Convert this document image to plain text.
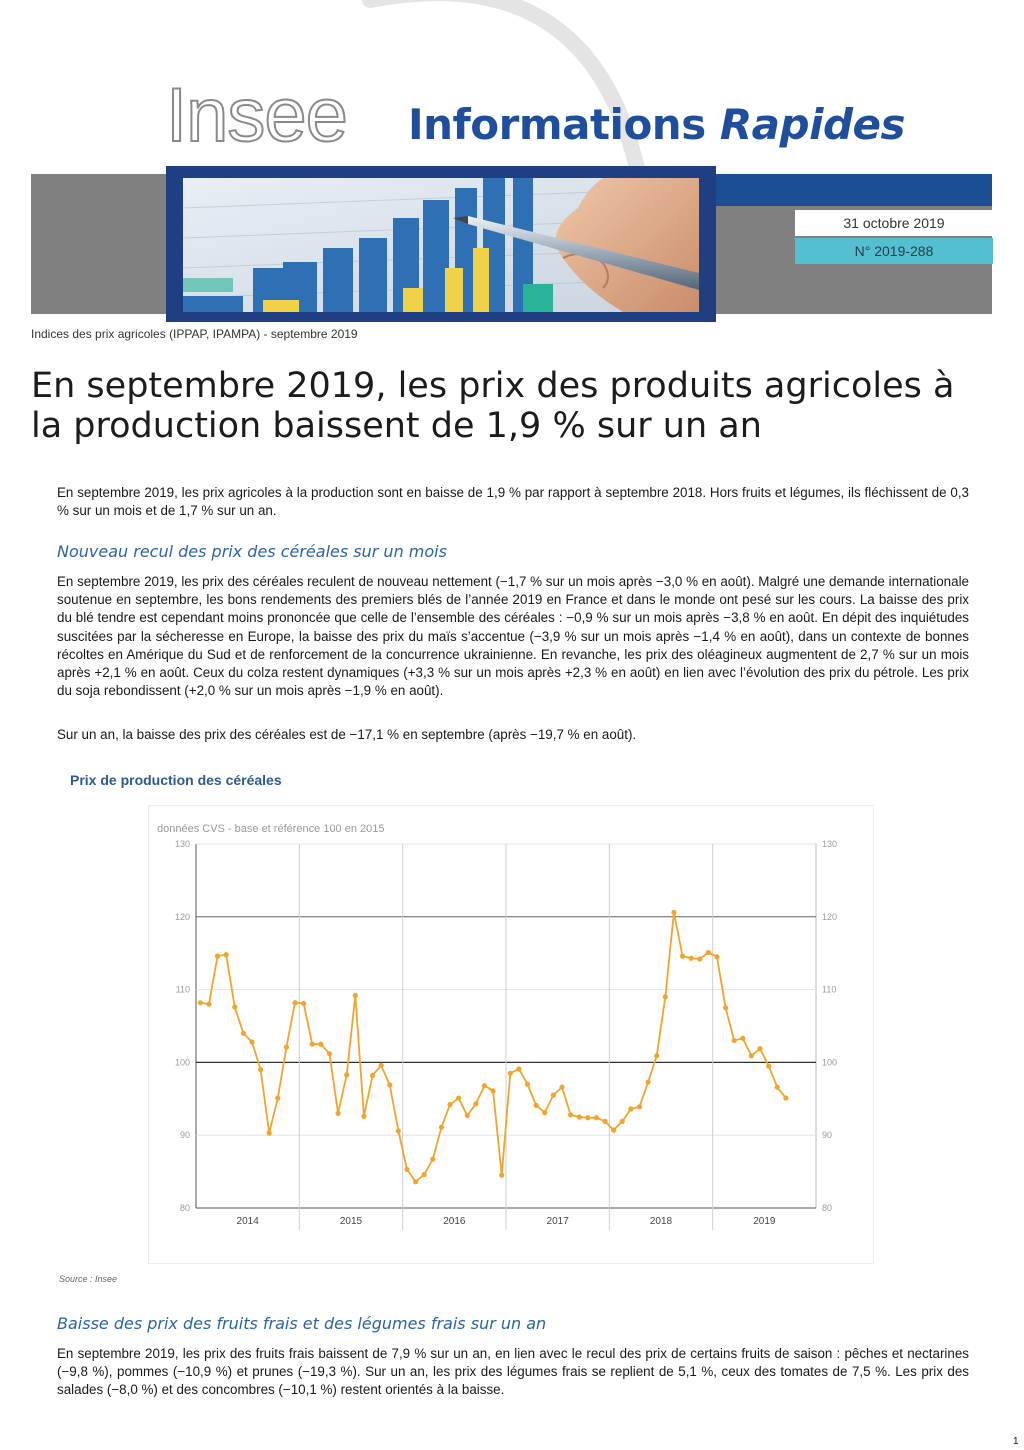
Insee Informations Rapides
31 octobre 2019
N° 2019-288
Indices des prix agricoles (IPPAP, IPAMPA) - septembre 2019
En septembre 2019, les prix des produits agricoles à la production baissent de 1,9 % sur un an
En septembre 2019, les prix agricoles à la production sont en baisse de 1,9 % par rapport à septembre 2018. Hors fruits et légumes, ils fléchissent de 0,3 % sur un mois et de 1,7 % sur un an.
Nouveau recul des prix des céréales sur un mois
En septembre 2019, les prix des céréales reculent de nouveau nettement (−1,7 % sur un mois après −3,0 % en août). Malgré une demande internationale soutenue en septembre, les bons rendements des premiers blés de l’année 2019 en France et dans le monde ont pesé sur les cours. La baisse des prix du blé tendre est cependant moins prononcée que celle de l’ensemble des céréales : −0,9 % sur un mois après −3,8 % en août. En dépit des inquiétudes suscitées par la sécheresse en Europe, la baisse des prix du maïs s’accentue (−3,9 % sur un mois après −1,4 % en août), dans un contexte de bonnes récoltes en Amérique du Sud et de renforcement de la concurrence ukrainienne. En revanche, les prix des oléagineux augmentent de 2,7 % sur un mois après +2,1 % en août. Ceux du colza restent dynamiques (+3,3 % sur un mois après +2,3 % en août) en lien avec l’évolution des prix du pétrole. Les prix du soja rebondissent (+2,0 % sur un mois après −1,9 % en août).
Sur un an, la baisse des prix des céréales est de −17,1 % en septembre (après −19,7 % en août).
Prix de production des céréales
données CVS - base et référence 100 en 2015
80	80
90	90
100	100
110	110
120	120
130	130
2014	2015	2016	2017	2018	2019
Source : Insee
Baisse des prix des fruits frais et des légumes frais sur un an
En septembre 2019, les prix des fruits frais baissent de 7,9 % sur un an, en lien avec le recul des prix de certains fruits de saison : pêches et nectarines (−9,8 %), pommes (−10,9 %) et prunes (−19,3 %). Sur un an, les prix des légumes frais se replient de 5,1 %, ceux des tomates de 7,5 %. Les prix des salades (−8,0 %) et des concombres (−10,1 %) restent orientés à la baisse.
1
